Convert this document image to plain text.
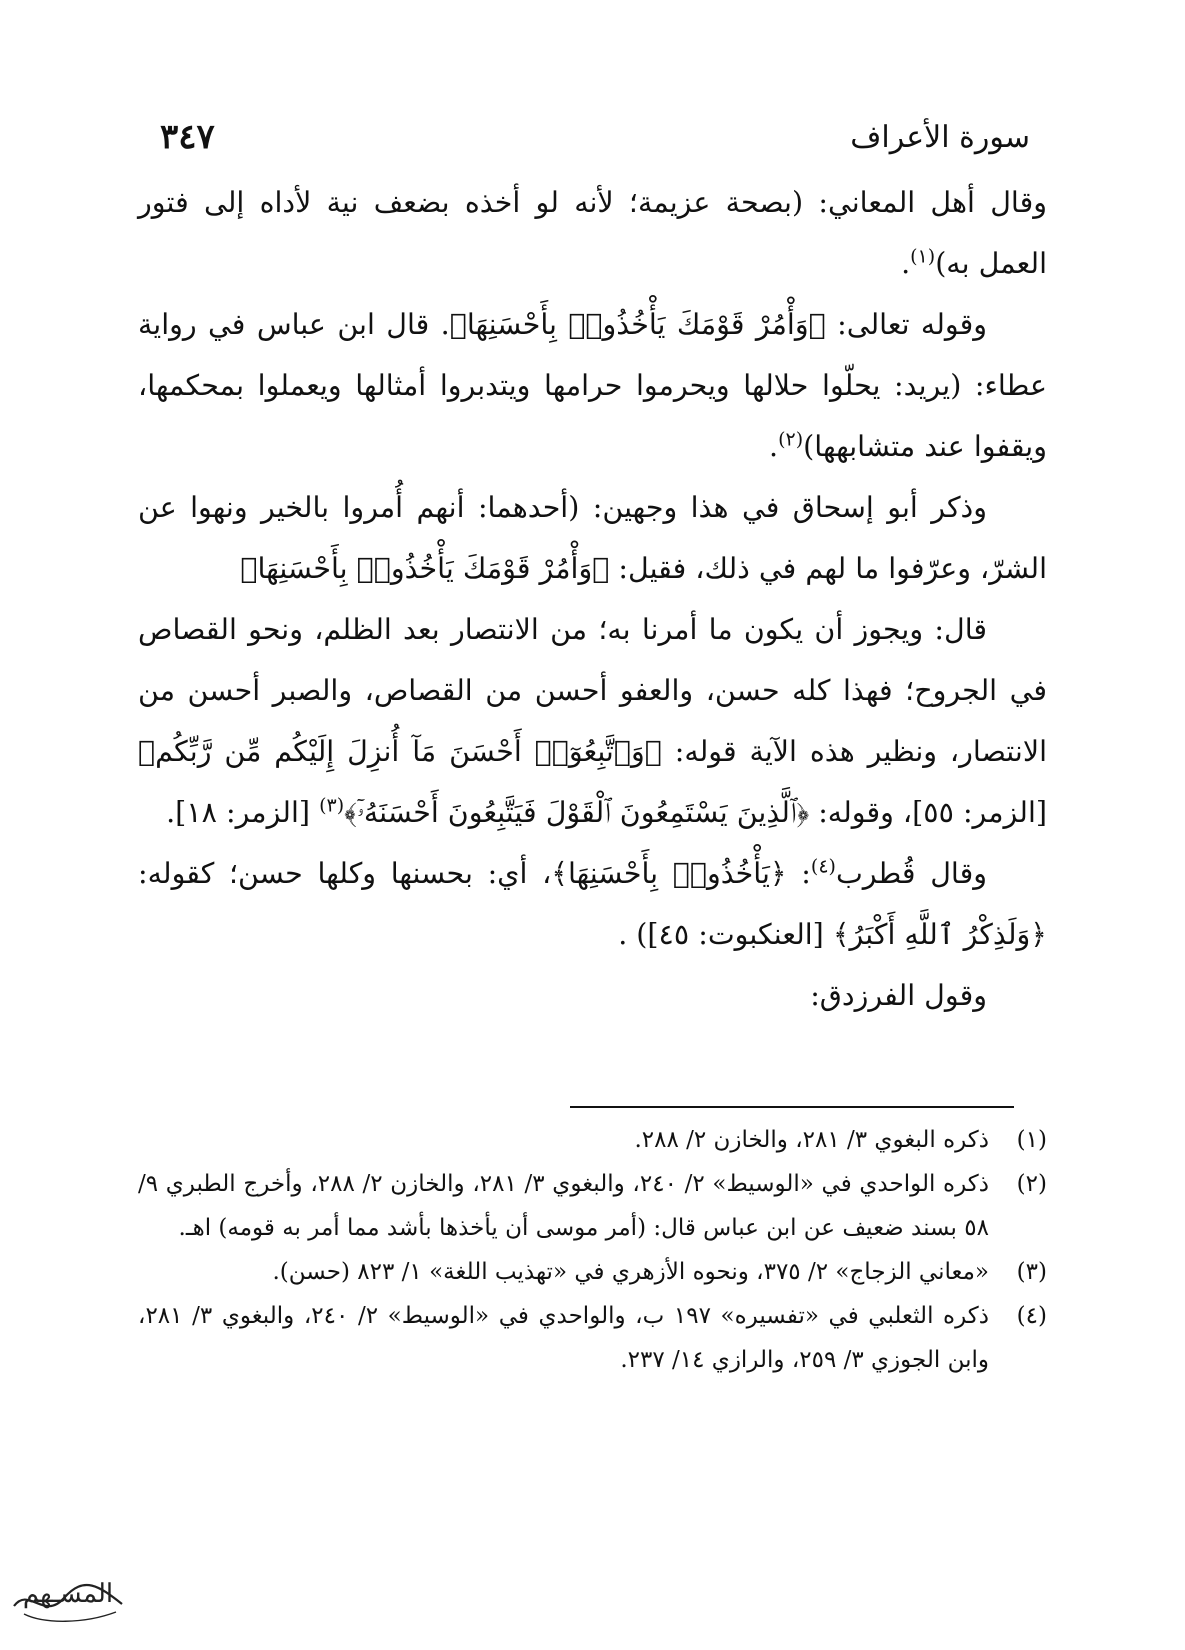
سورة الأعراف
٣٤٧

وقال أهل المعاني: (بصحة عزيمة؛ لأنه لو أخذه بضعف نية لأداه إلى فتور العمل به)$^{(١)}$.

وقوله تعالى: ﴿وَأْمُرْ قَوْمَكَ يَأْخُذُوا۟ بِأَحْسَنِهَا﴾. قال ابن عباس في رواية عطاء: (يريد: يحلّوا حلالها ويحرموا حرامها ويتدبروا أمثالها ويعملوا بمحكمها، ويقفوا عند متشابهها)$^{(٢)}$.

وذكر أبو إسحاق في هذا وجهين: (أحدهما: أنهم أُمروا بالخير ونهوا عن الشرّ، وعرّفوا ما لهم في ذلك، فقيل: ﴿وَأْمُرْ قَوْمَكَ يَأْخُذُوا۟ بِأَحْسَنِهَا﴾

قال: ويجوز أن يكون ما أمرنا به؛ من الانتصار بعد الظلم، ونحو القصاص في الجروح؛ فهذا كله حسن، والعفو أحسن من القصاص، والصبر أحسن من الانتصار، ونظير هذه الآية قوله: ﴿وَٱتَّبِعُوٓا۟ أَحْسَنَ مَآ أُنزِلَ إِلَيْكُم مِّن رَّبِّكُم﴾ [الزمر: ٥٥]، وقوله: ﴿ٱلَّذِينَ يَسْتَمِعُونَ ٱلْقَوْلَ فَيَتَّبِعُونَ أَحْسَنَهُۥٓ﴾$^{(٣)}$ [الزمر: ١٨].

وقال قُطرب$^{(٤)}$: ﴿يَأْخُذُوا۟ بِأَحْسَنِهَا﴾، أي: بحسنها وكلها حسن؛ كقوله: ﴿وَلَذِكْرُ ٱللَّهِ أَكْبَرُ﴾ [العنكبوت: ٤٥]) .

وقول الفرزدق:

(١)
ذكره البغوي ٣/ ٢٨١، والخازن ٢/ ٢٨٨.
(٢)
ذكره الواحدي في «الوسيط» ٢/ ٢٤٠، والبغوي ٣/ ٢٨١، والخازن ٢/ ٢٨٨، وأخرج الطبري ٩/ ٥٨ بسند ضعيف عن ابن عباس قال: (أمر موسى أن يأخذها بأشد مما أمر به قومه) اهـ.
(٣)
«معاني الزجاج» ٢/ ٣٧٥، ونحوه الأزهري في «تهذيب اللغة» ١/ ٨٢٣ (حسن).
(٤)
ذكره الثعلبي في «تفسيره» ١٩٧ ب، والواحدي في «الوسيط» ٢/ ٢٤٠، والبغوي ٣/ ٢٨١، وابن الجوزي ٣/ ٢٥٩، والرازي ١٤/ ٢٣٧.
المسـهم
